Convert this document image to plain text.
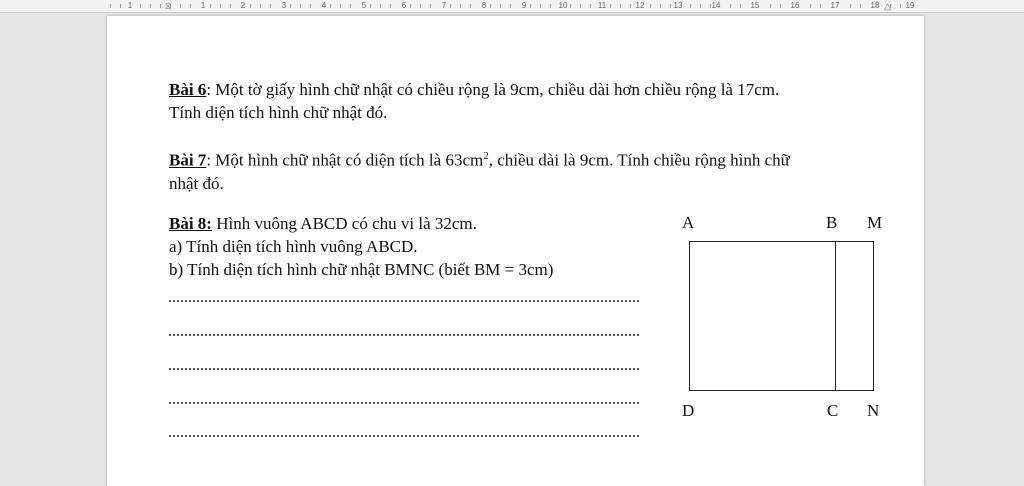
1	1	2	3	4	5	6	7	8	9	10	11	12	13	14	15	16	17	18	19
⧖	△
Bài 6: Một tờ giấy hình chữ nhật có chiều rộng là 9cm, chiều dài hơn chiều rộng là 17cm.
Tính diện tích hình chữ nhật đó.
Bài 7: Một hình chữ nhật có diện tích là $63cm^2$, chiều dài là 9cm. Tính chiều rộng hình chữ
nhật đó.
Bài 8: Hình vuông ABCD có chu vi là 32cm.
a) Tính diện tích hình vuông ABCD.
b) Tính diện tích hình chữ nhật BMNC (biết BM = 3cm)
A	B M
D	C N
